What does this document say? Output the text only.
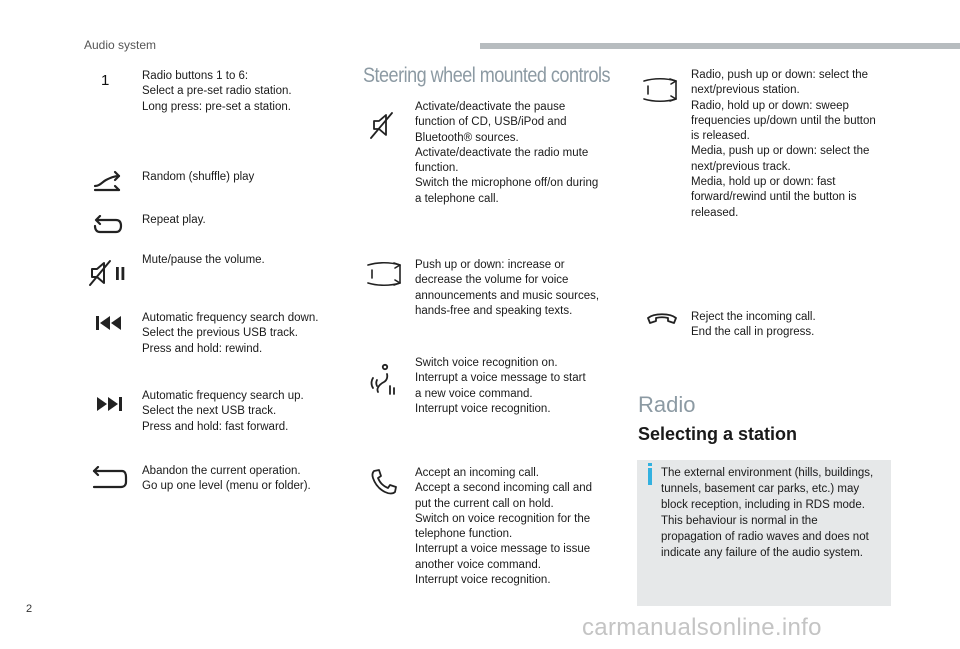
Audio system
1	Radio buttons 1 to 6:
Select a pre-set radio station.
Long press: pre-set a station.
Random (shuffle) play
Repeat play.
Mute/pause the volume.
Automatic frequency search down.
Select the previous USB track.
Press and hold: rewind.
Automatic frequency search up.
Select the next USB track.
Press and hold: fast forward.
Abandon the current operation.
Go up one level (menu or folder).
Steering wheel mounted controls
Activate/deactivate the pause
function of CD, USB/iPod and
Bluetooth® sources.
Activate/deactivate the radio mute
function.
Switch the microphone off/on during
a telephone call.
Push up or down: increase or
decrease the volume for voice
announcements and music sources,
hands-free and speaking texts.
Switch voice recognition on.
Interrupt a voice message to start
a new voice command.
Interrupt voice recognition.
Accept an incoming call.
Accept a second incoming call and
put the current call on hold.
Switch on voice recognition for the
telephone function.
Interrupt a voice message to issue
another voice command.
Interrupt voice recognition.
Radio, push up or down: select the
next/previous station.
Radio, hold up or down: sweep
frequencies up/down until the button
is released.
Media, push up or down: select the
next/previous track.
Media, hold up or down: fast
forward/rewind until the button is
released.
Reject the incoming call.
End the call in progress.
Radio
Selecting a station
The external environment (hills, buildings,
tunnels, basement car parks, etc.) may
block reception, including in RDS mode.
This behaviour is normal in the
propagation of radio waves and does not
indicate any failure of the audio system.
2
carmanualsonline.info
